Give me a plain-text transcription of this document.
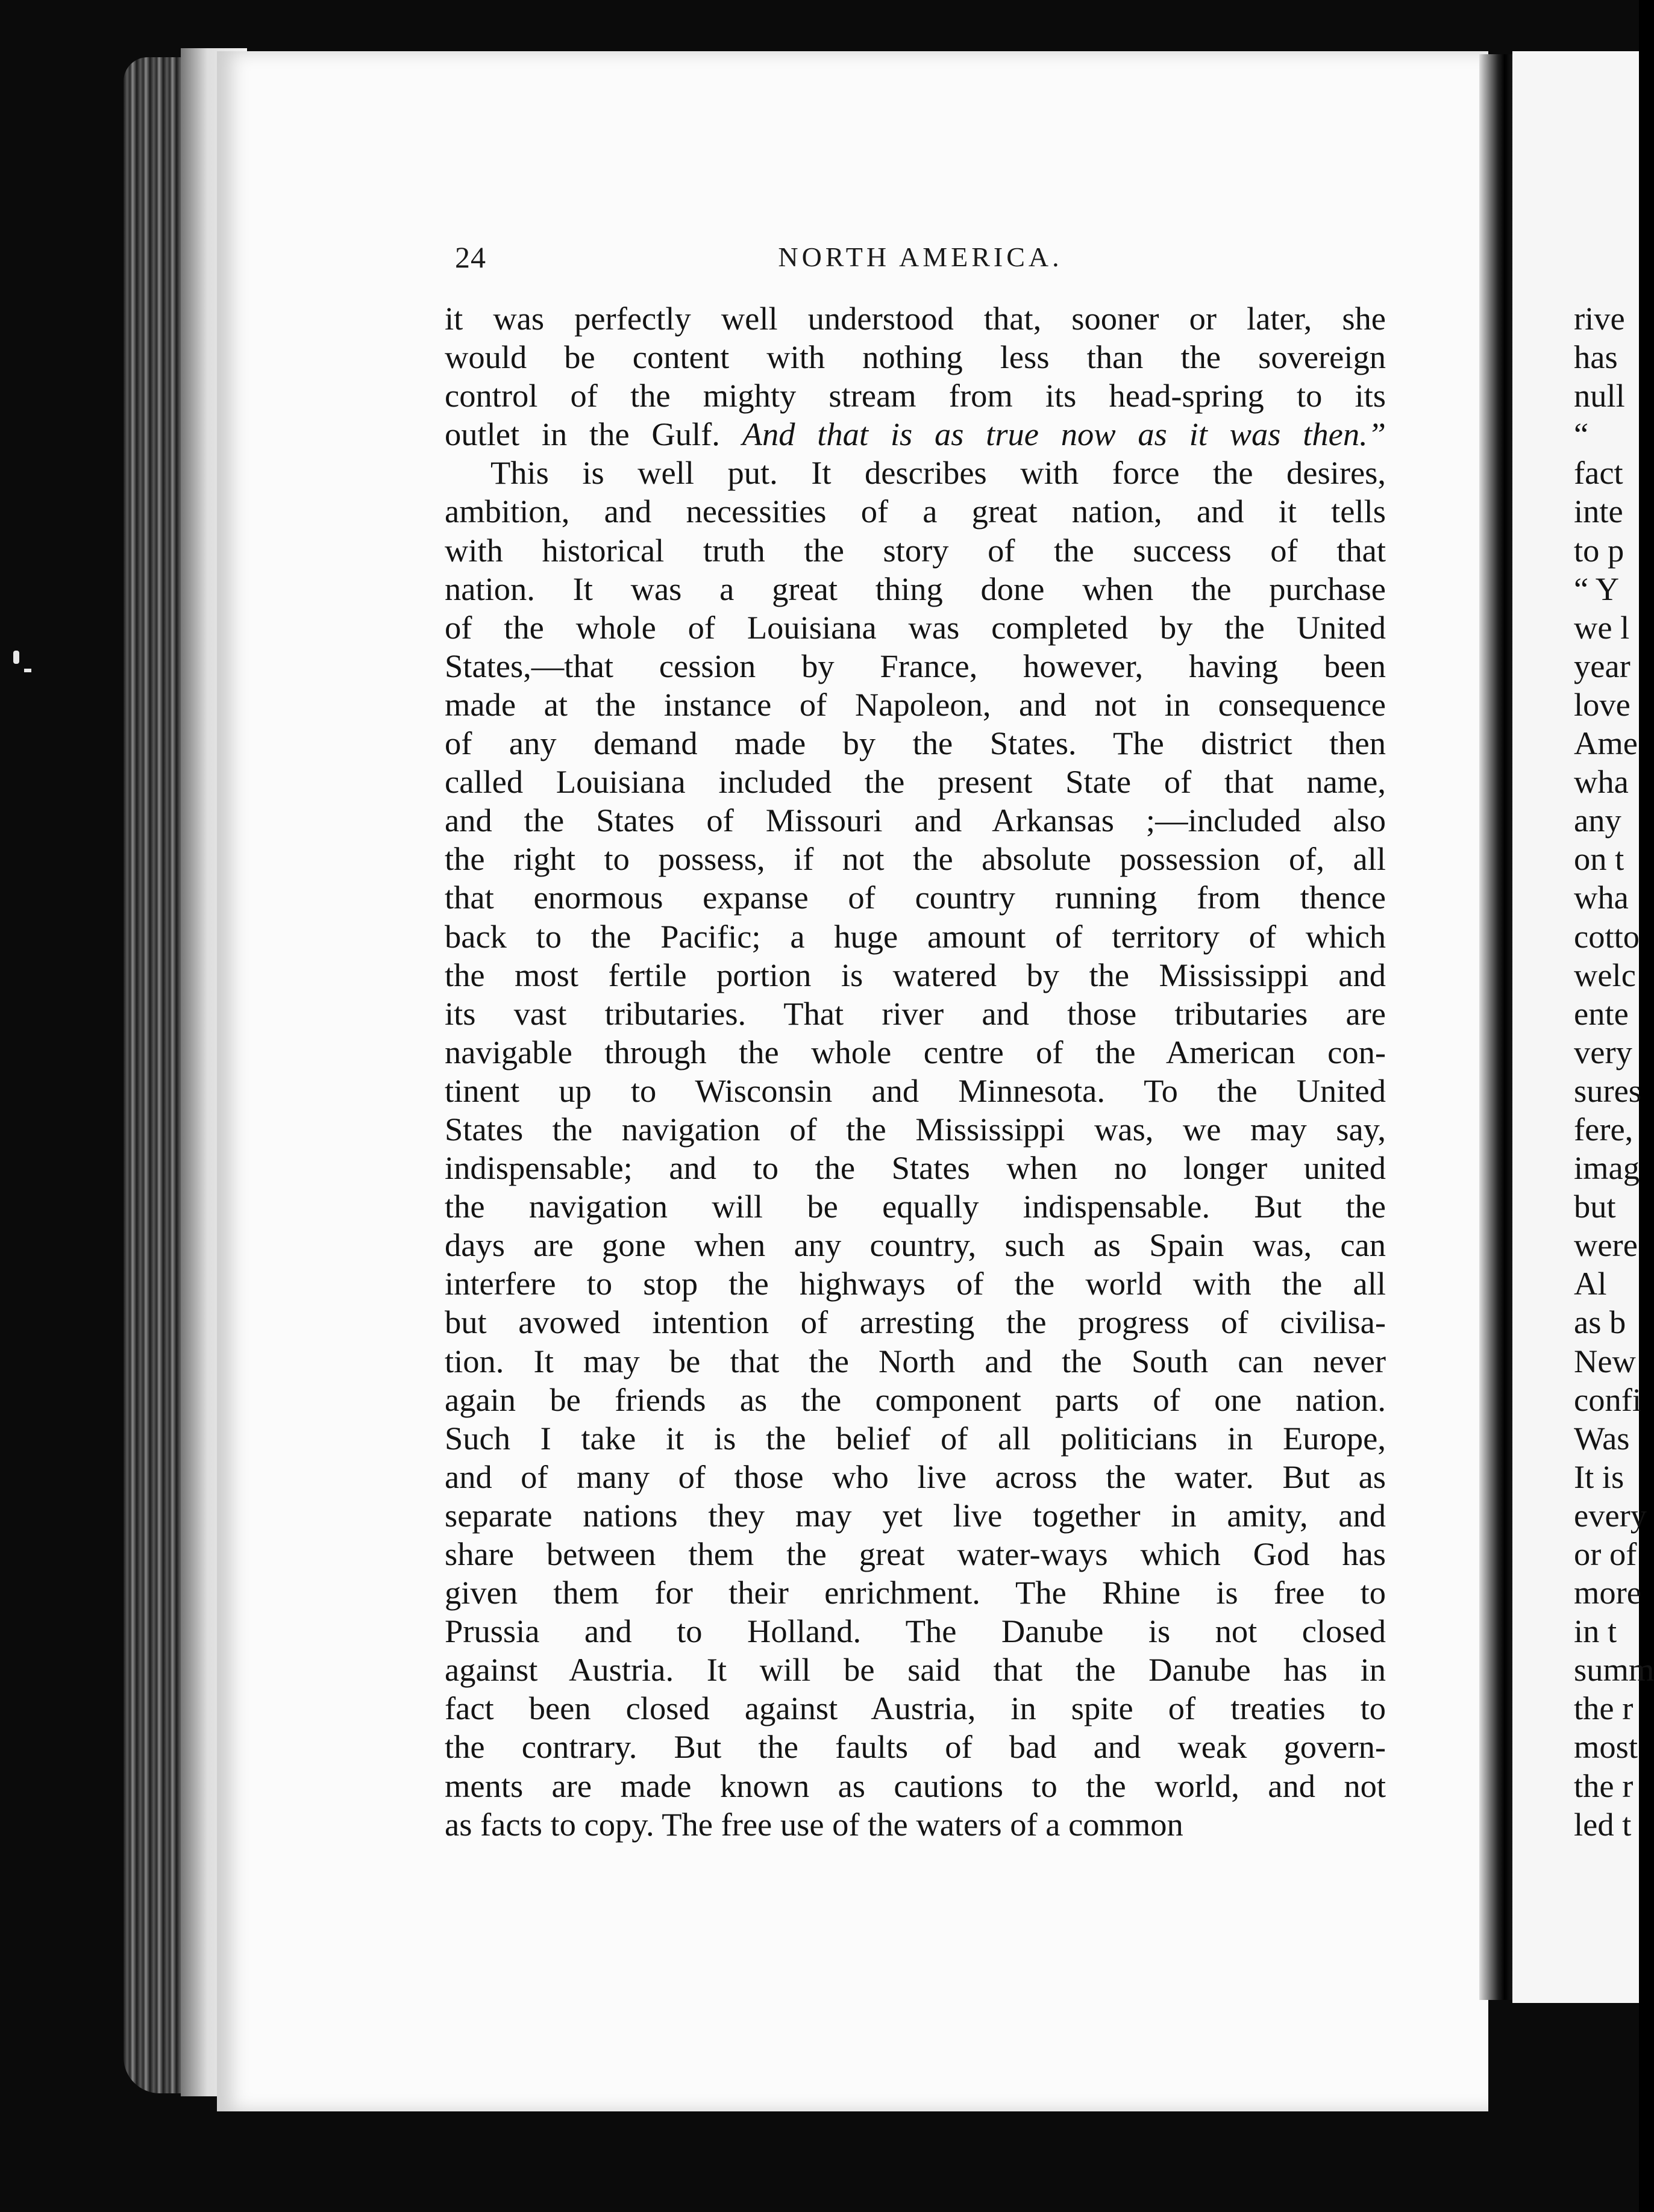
24	NORTH AMERICA.
it was perfectly well understood that, sooner or later, she
would be content with nothing less than the sovereign
control of the mighty stream from its head-spring to its
outlet in the Gulf. And that is as true now as it was then.”
This is well put. It describes with force the desires,
ambition, and necessities of a great nation, and it tells
with historical truth the story of the success of that
nation. It was a great thing done when the purchase
of the whole of Louisiana was completed by the United
States,—that cession by France, however, having been
made at the instance of Napoleon, and not in consequence
of any demand made by the States. The district then
called Louisiana included the present State of that name,
and the States of Missouri and Arkansas ;—included also
the right to possess, if not the absolute possession of, all
that enormous expanse of country running from thence
back to the Pacific; a huge amount of territory of which
the most fertile portion is watered by the Mississippi and
its vast tributaries. That river and those tributaries are
navigable through the whole centre of the American con-
tinent up to Wisconsin and Minnesota. To the United
States the navigation of the Mississippi was, we may say,
indispensable; and to the States when no longer united
the navigation will be equally indispensable. But the
days are gone when any country, such as Spain was, can
interfere to stop the highways of the world with the all
but avowed intention of arresting the progress of civilisa-
tion. It may be that the North and the South can never
again be friends as the component parts of one nation.
Such I take it is the belief of all politicians in Europe,
and of many of those who live across the water. But as
separate nations they may yet live together in amity, and
share between them the great water-ways which God has
given them for their enrichment. The Rhine is free to
Prussia and to Holland. The Danube is not closed
against Austria. It will be said that the Danube has in
fact been closed against Austria, in spite of treaties to
the contrary. But the faults of bad and weak govern-
ments are made known as cautions to the world, and not
as facts to copy. The free use of the waters of a common
rive
has
null
“
fact
inte
to p
“ Y
we l
year
love
Ame
wha
any
on t
wha
cotto
welc
ente
very
sures
fere,
imag
but
were
Al
as b
New
confi
Was
It is
every
or of
more
in t
summ
the r
most
the r
led t
